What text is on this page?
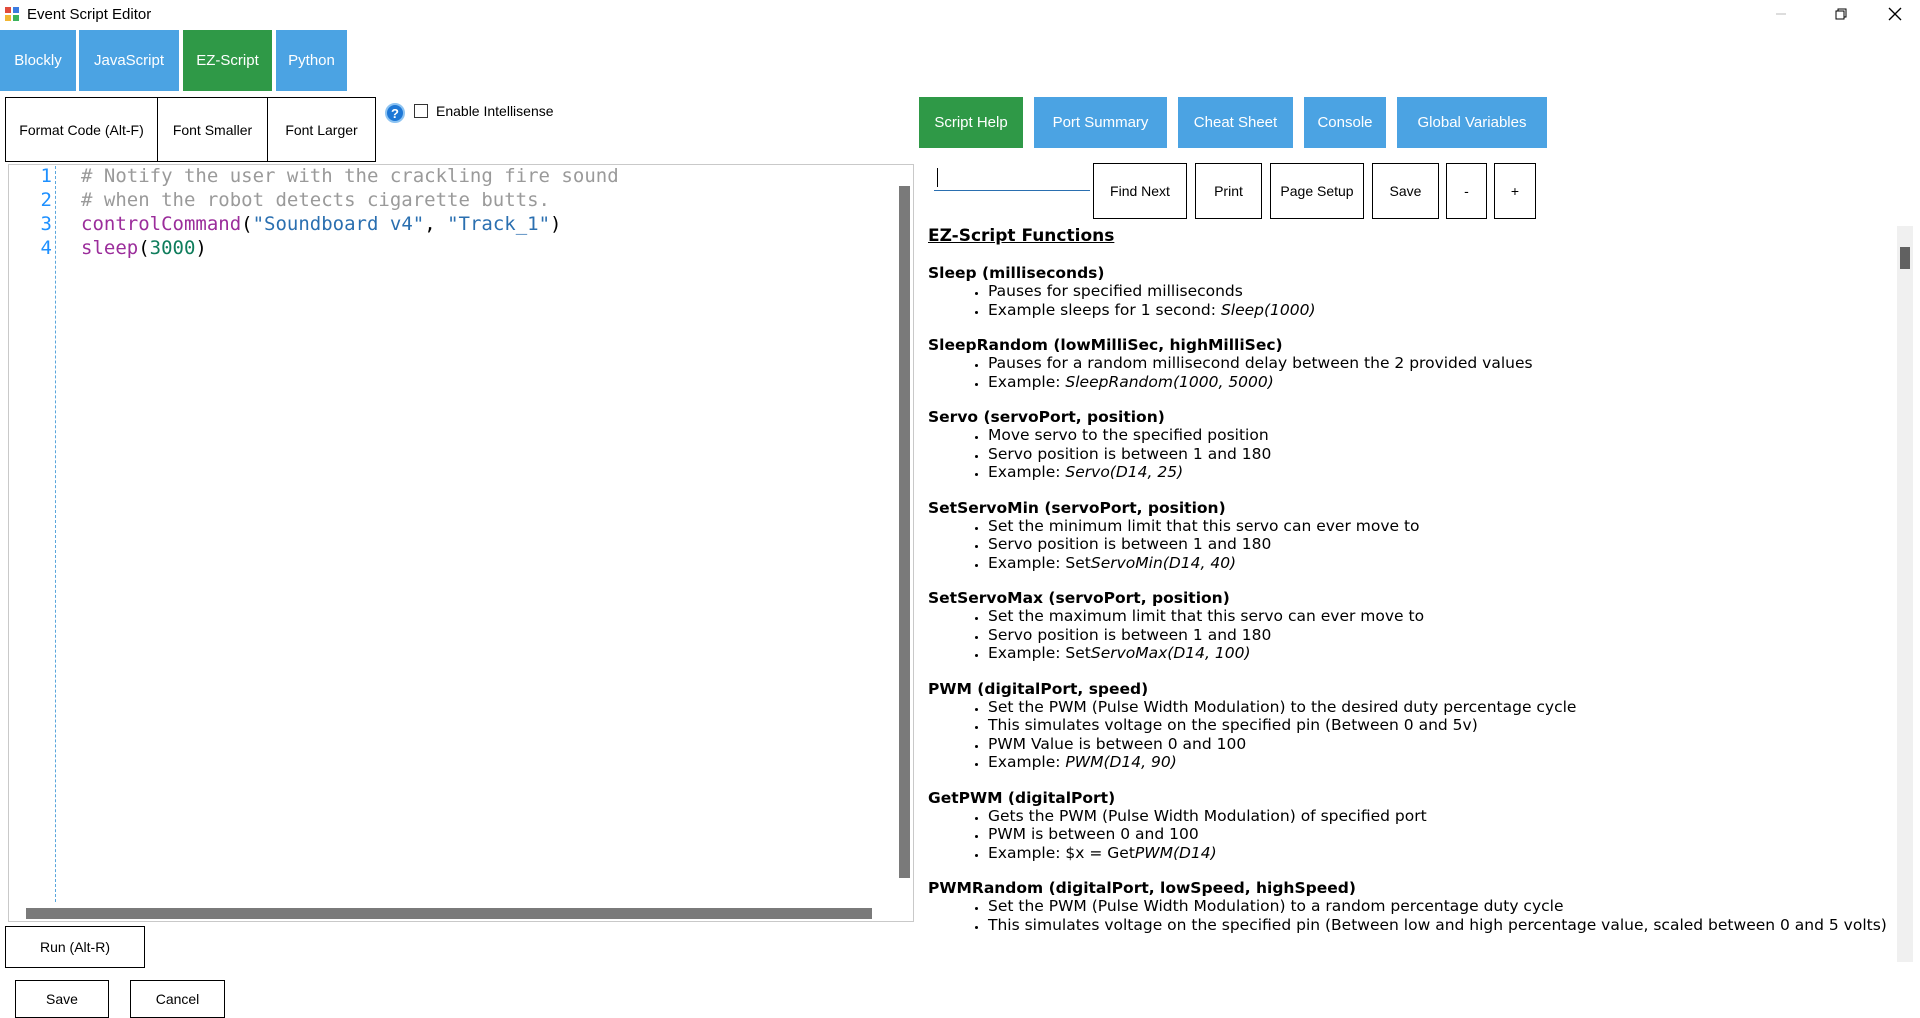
Event Script Editor
Blockly	JavaScript	EZ-Script	Python
Format Code (Alt-F)	Font Smaller	Font Larger
?	Enable Intellisense
Script Help	Port Summary	Cheat Sheet	Console	Global Variables
1
2
3
4
# Notify the user with the crackling fire sound
# when the robot detects cigarette butts.
controlCommand("Soundboard v4", "Track_1")
sleep(3000)
Run (Alt-R)
Save	Cancel
Find Next	Print	Page Setup	Save	-	+
EZ-Script Functions
Sleep (milliseconds)
• Pauses for specified milliseconds
• Example sleeps for 1 second: Sleep(1000)
SleepRandom (lowMilliSec, highMilliSec)
• Pauses for a random millisecond delay between the 2 provided values
• Example: SleepRandom(1000, 5000)
Servo (servoPort, position)
• Move servo to the specified position
• Servo position is between 1 and 180
• Example: Servo(D14, 25)
SetServoMin (servoPort, position)
• Set the minimum limit that this servo can ever move to
• Servo position is between 1 and 180
• Example: SetServoMin(D14, 40)
SetServoMax (servoPort, position)
• Set the maximum limit that this servo can ever move to
• Servo position is between 1 and 180
• Example: SetServoMax(D14, 100)
PWM (digitalPort, speed)
• Set the PWM (Pulse Width Modulation) to the desired duty percentage cycle
• This simulates voltage on the specified pin (Between 0 and 5v)
• PWM Value is between 0 and 100
• Example: PWM(D14, 90)
GetPWM (digitalPort)
• Gets the PWM (Pulse Width Modulation) of specified port
• PWM is between 0 and 100
• Example: $x = GetPWM(D14)
PWMRandom (digitalPort, lowSpeed, highSpeed)
• Set the PWM (Pulse Width Modulation) to a random percentage duty cycle
• This simulates voltage on the specified pin (Between low and high percentage value, scaled between 0 and 5 volts)
